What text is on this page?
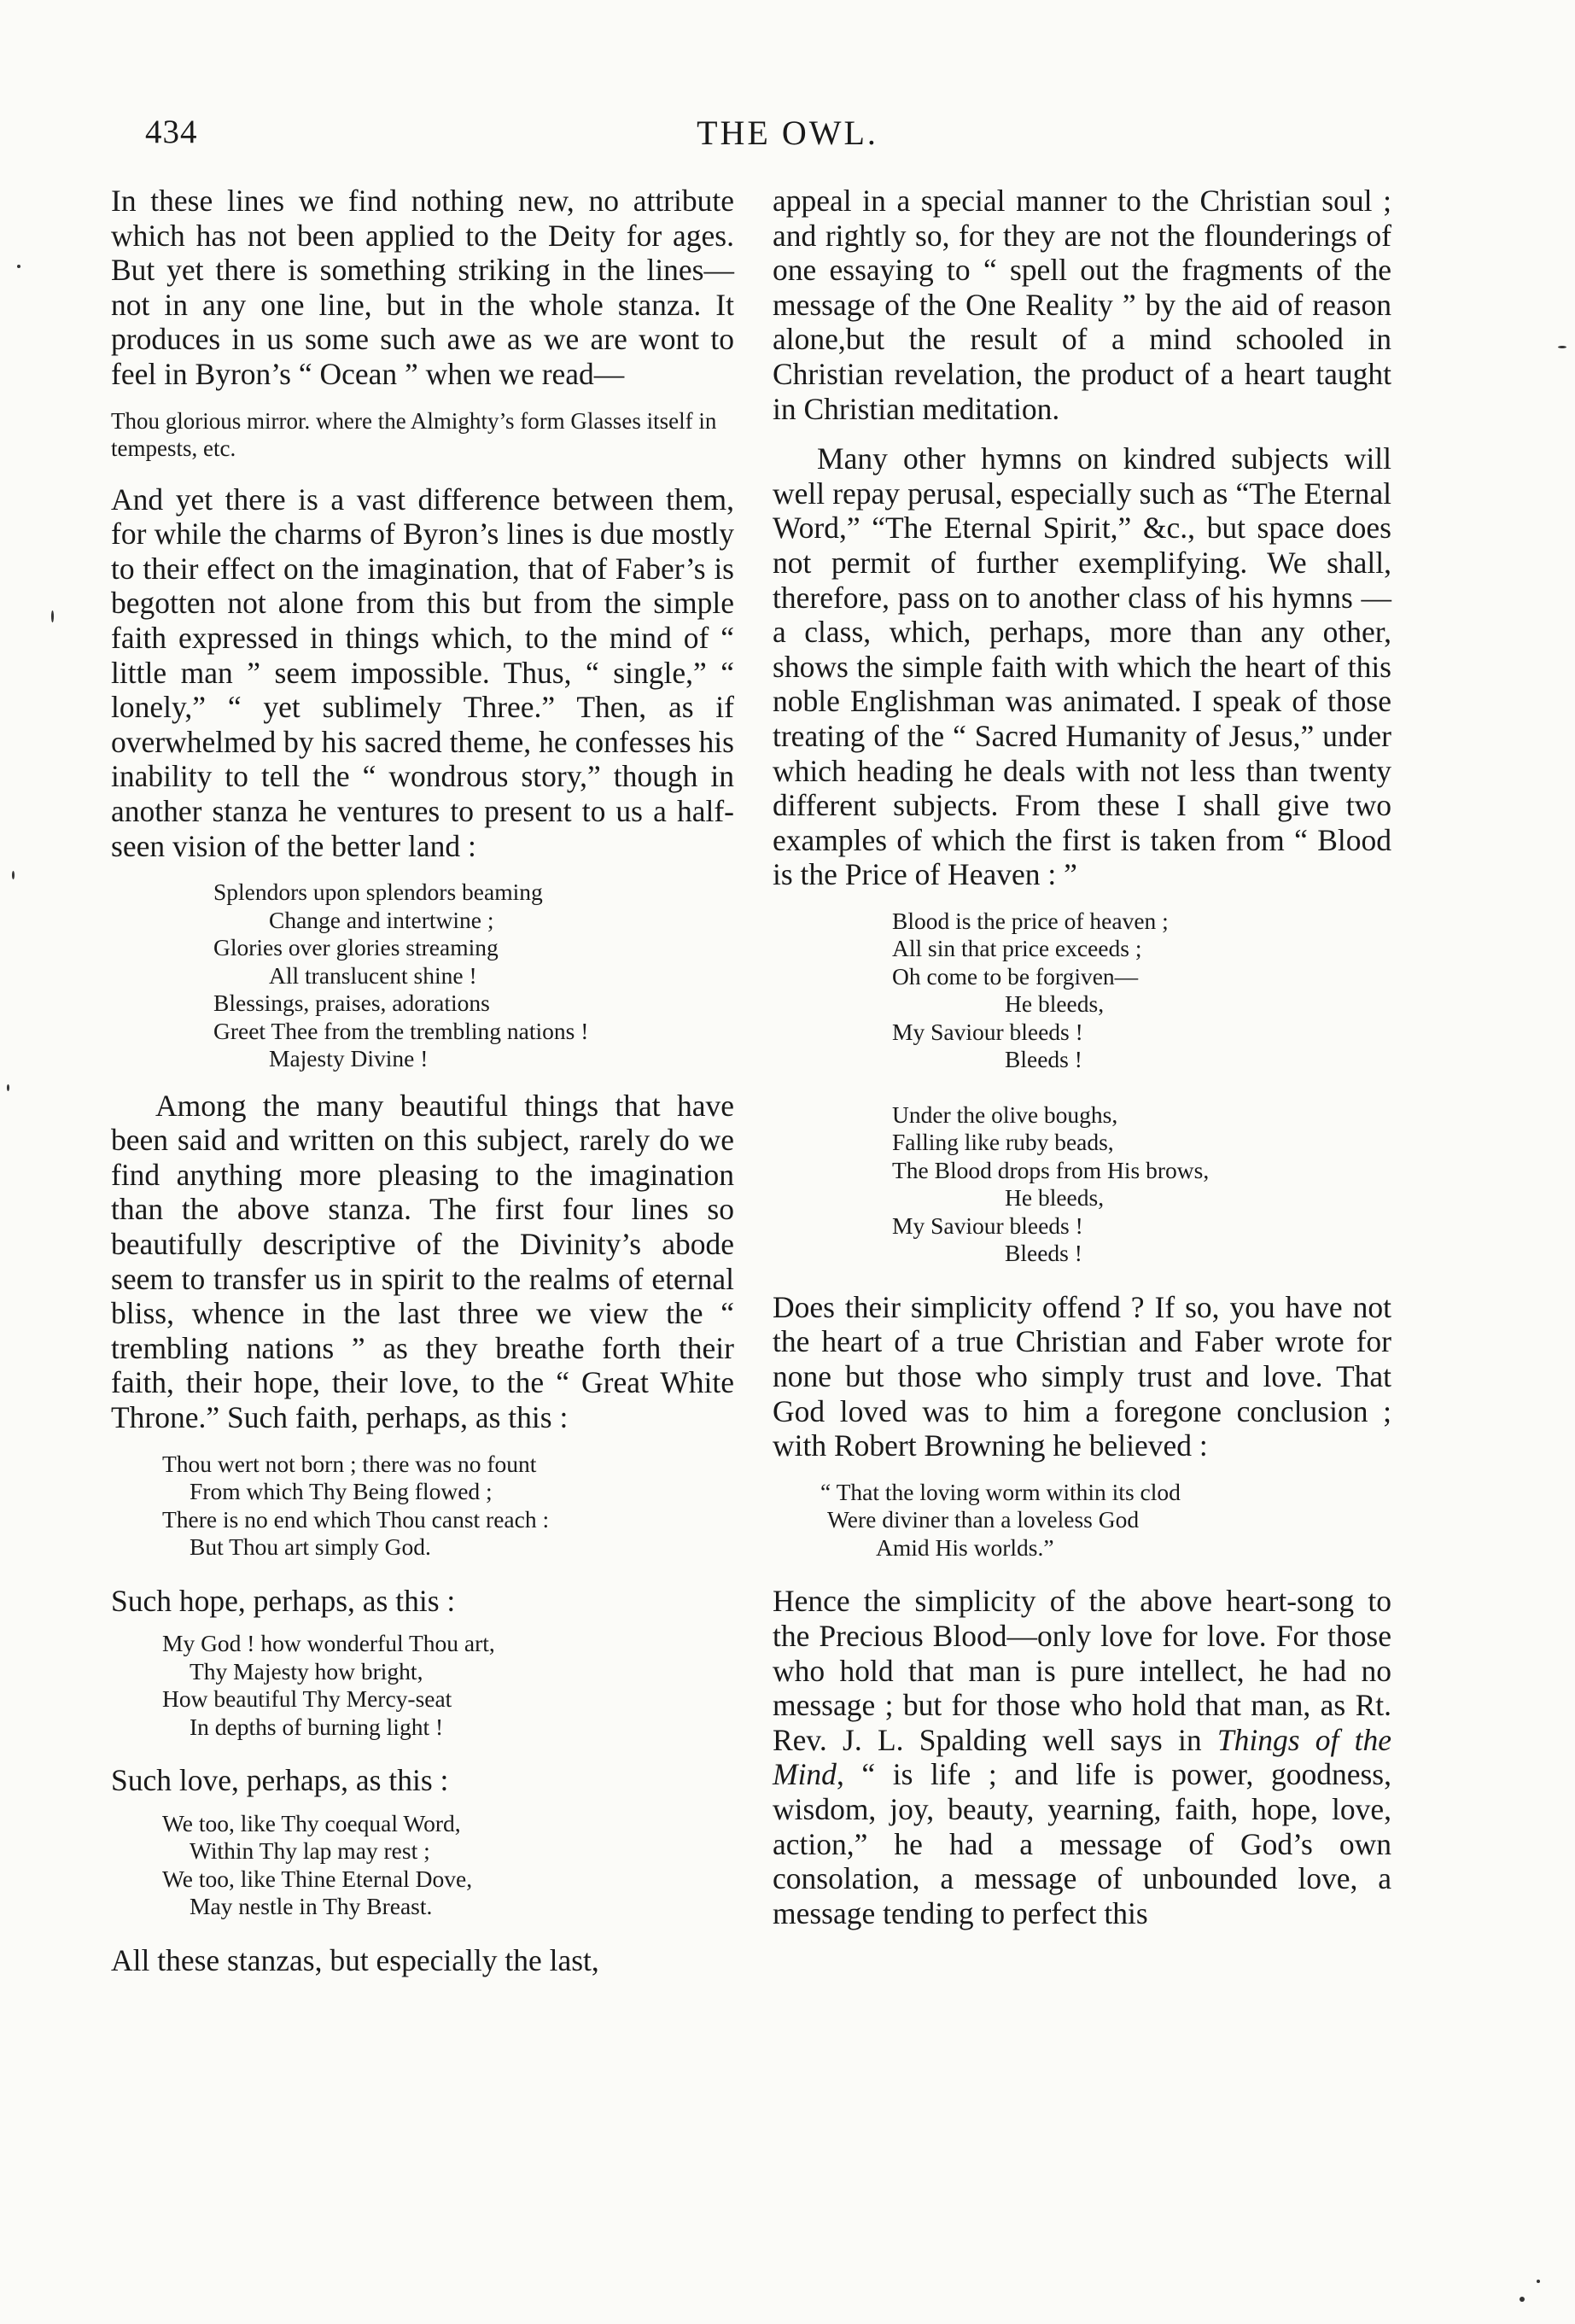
434	THE OWL.

In these lines we find nothing new, no attribute which has not been applied to the Deity for ages. But yet there is something striking in the lines—not in any one line, but in the whole stanza. It produces in us some such awe as we are wont to feel in Byron’s “ Ocean ” when we read—

Thou glorious mirror. where the Almighty’s form Glasses itself in tempests, etc.

And yet there is a vast difference between them, for while the charms of Byron’s lines is due mostly to their effect on the imagination, that of Faber’s is begotten not alone from this but from the simple faith expressed in things which, to the mind of “ little man ” seem impossible. Thus, “ single,” “ lonely,” “ yet sublimely Three.” Then, as if overwhelmed by his sacred theme, he confesses his inability to tell the “ wondrous story,” though in another stanza he ventures to present to us a half-seen vision of the better land :

Splendors upon splendors beaming
Change and intertwine ;
Glories over glories streaming
All translucent shine !
Blessings, praises, adorations
Greet Thee from the trembling nations !
Majesty Divine !

Among the many beautiful things that have been said and written on this subject, rarely do we find anything more pleasing to the imagination than the above stanza. The first four lines so beautifully descriptive of the Divinity’s abode seem to transfer us in spirit to the realms of eternal bliss, whence in the last three we view the “ trembling nations ” as they breathe forth their faith, their hope, their love, to the “ Great White Throne.” Such faith, perhaps, as this :

Thou wert not born ; there was no fount
From which Thy Being flowed ;
There is no end which Thou canst reach :
But Thou art simply God.

Such hope, perhaps, as this :

My God ! how wonderful Thou art,
Thy Majesty how bright,
How beautiful Thy Mercy-seat
In depths of burning light !

Such love, perhaps, as this :

We too, like Thy coequal Word,
Within Thy lap may rest ;
We too, like Thine Eternal Dove,
May nestle in Thy Breast.

All these stanzas, but especially the last,

appeal in a special manner to the Christian soul ; and rightly so, for they are not the flounderings of one essaying to “ spell out the fragments of the message of the One Reality ” by the aid of reason alone,but the result of a mind schooled in Christian revelation, the product of a heart taught in Christian meditation.

Many other hymns on kindred subjects will well repay perusal, especially such as “The Eternal Word,” “The Eternal Spirit,” &c., but space does not permit of further exemplifying. We shall, therefore, pass on to another class of his hymns —a class, which, perhaps, more than any other, shows the simple faith with which the heart of this noble Englishman was animated. I speak of those treating of the “ Sacred Humanity of Jesus,” under which heading he deals with not less than twenty different subjects. From these I shall give two examples of which the first is taken from “ Blood is the Price of Heaven : ”

Blood is the price of heaven ;
All sin that price exceeds ;
Oh come to be forgiven—
He bleeds,
My Saviour bleeds !
Bleeds !
Under the olive boughs,
Falling like ruby beads,
The Blood drops from His brows,
He bleeds,
My Saviour bleeds !
Bleeds !

Does their simplicity offend ? If so, you have not the heart of a true Christian and Faber wrote for none but those who simply trust and love. That God loved was to him a foregone conclusion ; with Robert Browning he believed :

“ That the loving worm within its clod
Were diviner than a loveless God
Amid His worlds.”

Hence the simplicity of the above heart-song to the Precious Blood—only love for love. For those who hold that man is pure intellect, he had no message ; but for those who hold that man, as Rt. Rev. J. L. Spalding well says in Things of the Mind, “ is life ; and life is power, goodness, wisdom, joy, beauty, yearning, faith, hope, love, action,” he had a message of God’s own consolation, a message of unbounded love, a message tending to perfect this
